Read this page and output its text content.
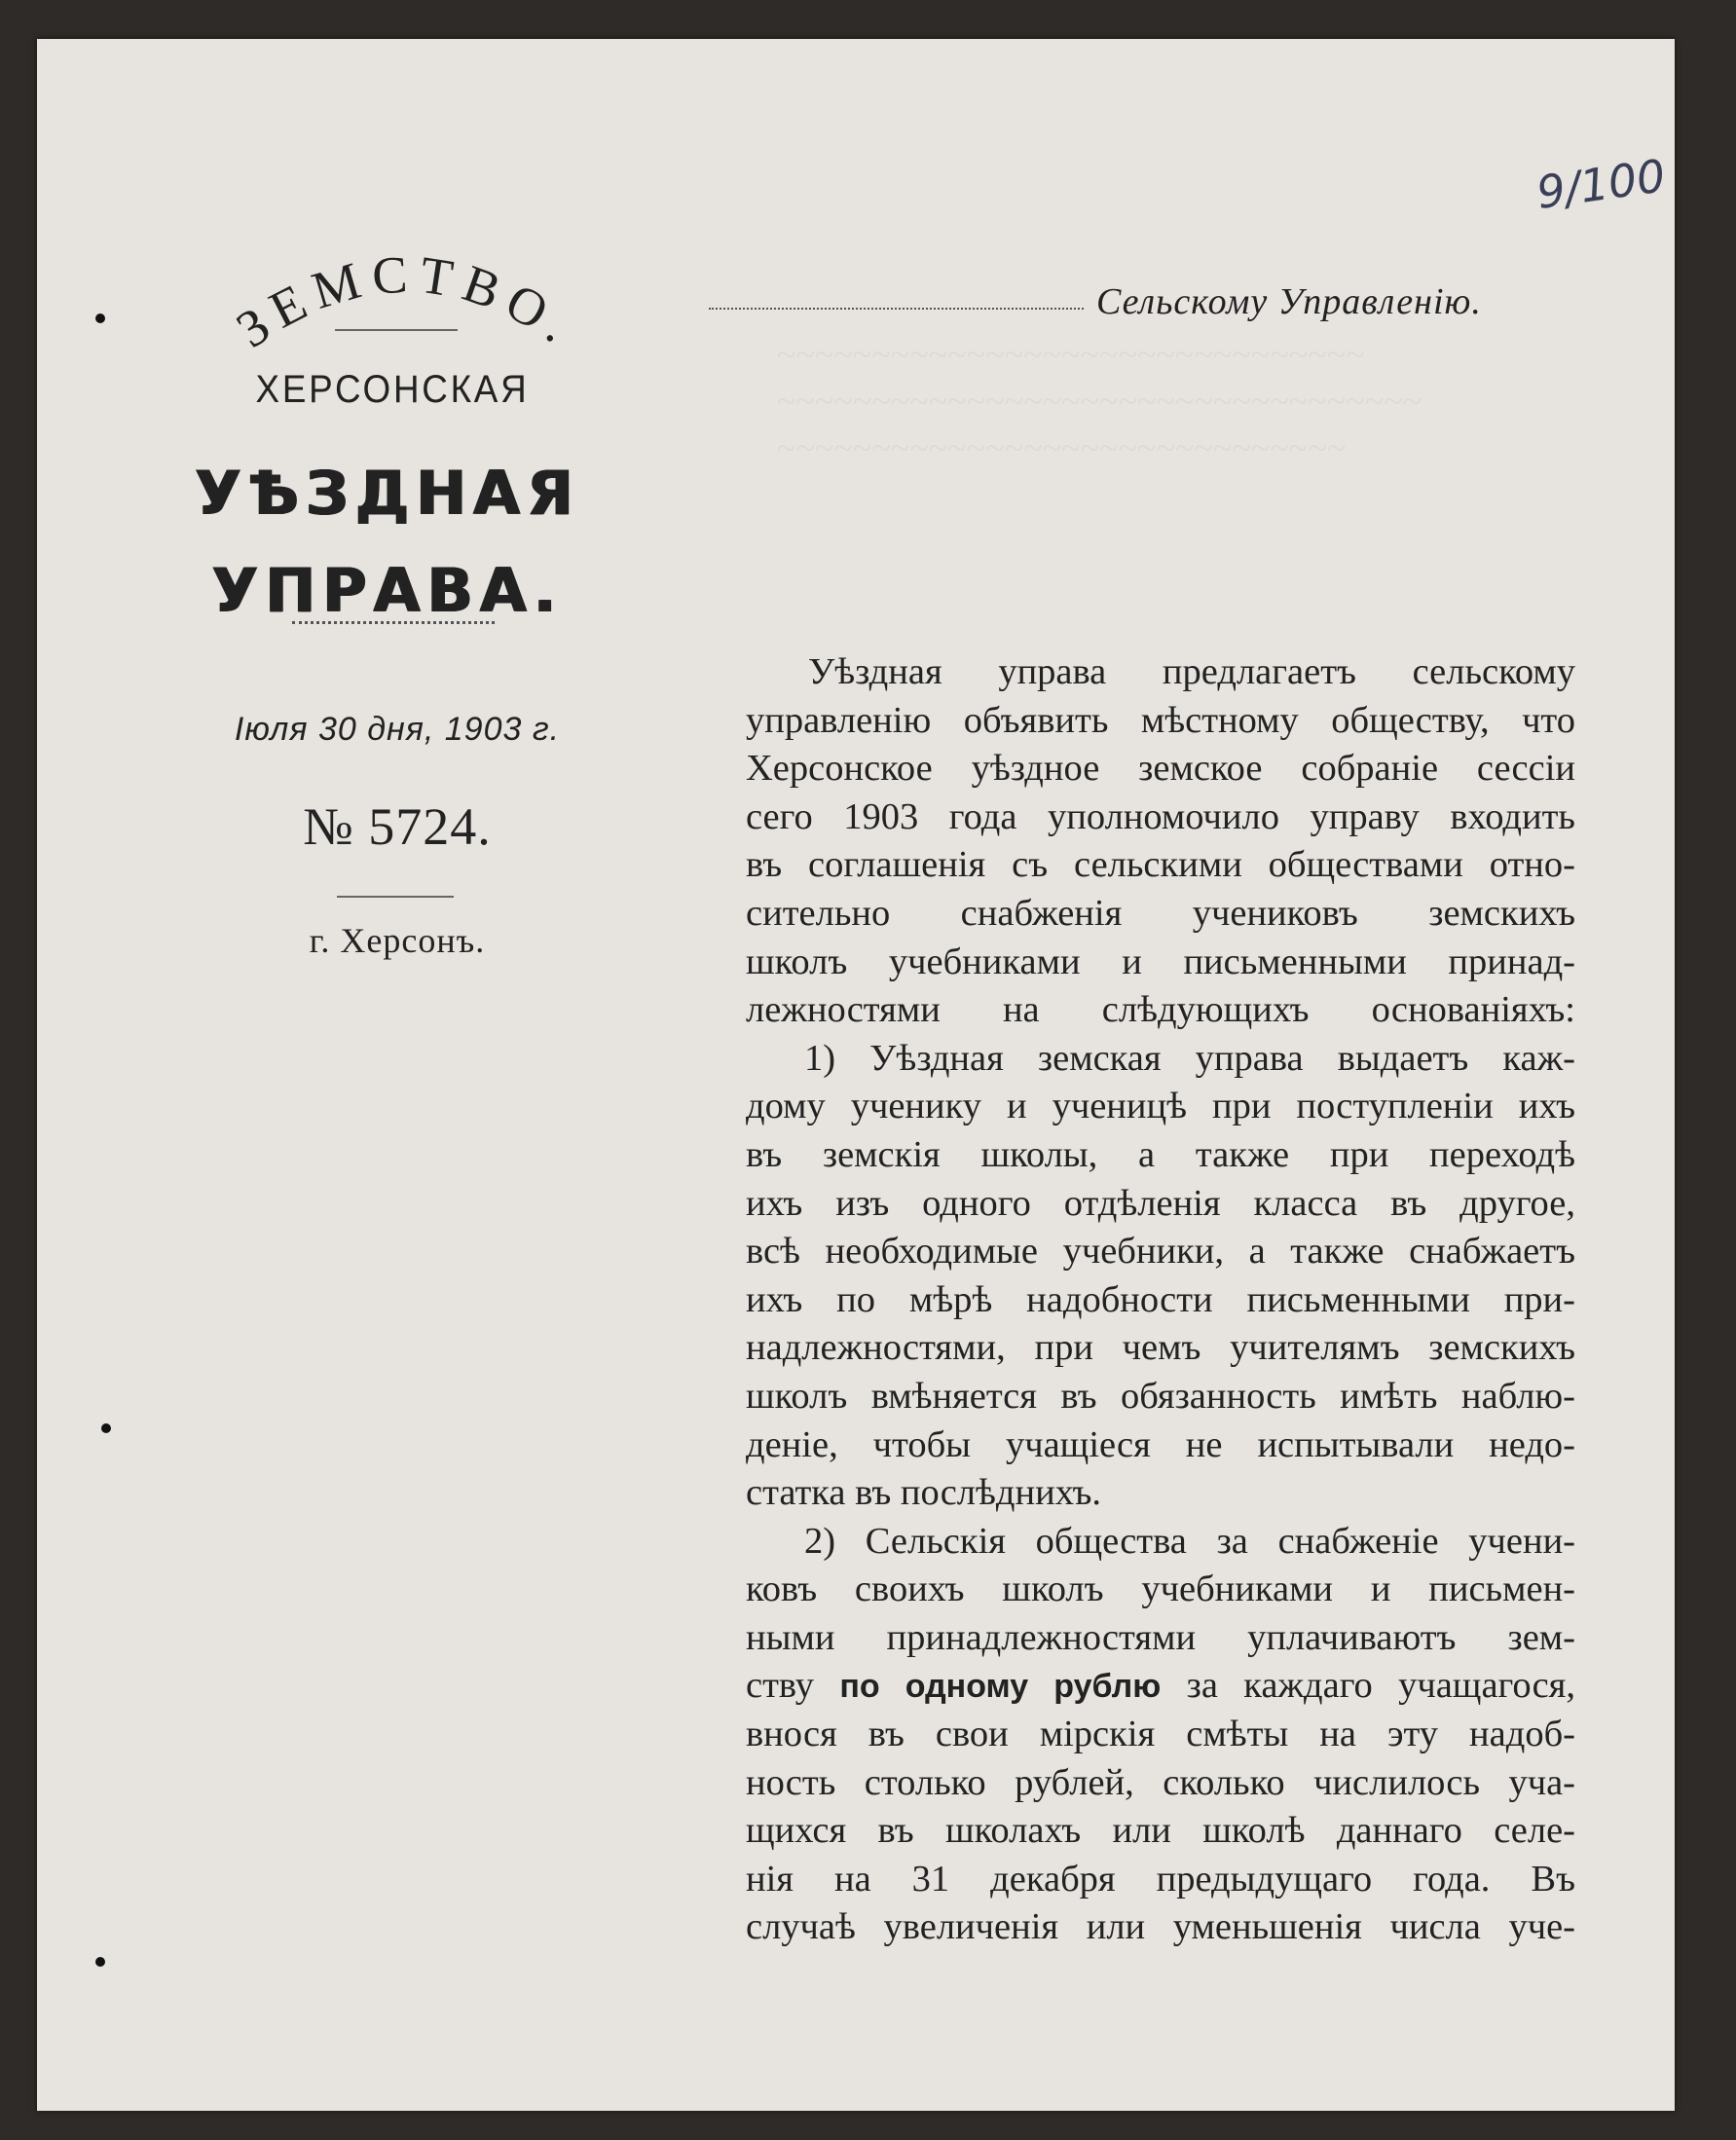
ЗЕМСТВО.
ХЕРСОНСКАЯ
УѢЗДНАЯ
УПРАВА.
Іюля 30 дня, 1903 г.
№ 5724.
г. Херсонъ.
Сельскому Управленію.
9/100
Уѣздная управа предлагаетъ сельскому
управленію объявить мѣстному обществу, что
Херсонское уѣздное земское собраніе сессіи
сего 1903 года уполномочило управу входить
въ соглашенія съ сельскими обществами отно-
сительно снабженія учениковъ земскихъ
школъ учебниками и письменными принад-
лежностями на слѣдующихъ основаніяхъ:
1) Уѣздная земская управа выдаетъ каж-
дому ученику и ученицѣ при поступленіи ихъ
въ земскія школы, а также при переходѣ
ихъ изъ одного отдѣленія класса въ другое,
всѣ необходимые учебники, а также снабжаетъ
ихъ по мѣрѣ надобности письменными при-
надлежностями, при чемъ учителямъ земскихъ
школъ вмѣняется въ обязанность имѣть наблю-
деніе, чтобы учащіеся не испытывали недо-
статка въ послѣднихъ.
2) Сельскія общества за снабженіе учени-
ковъ своихъ школъ учебниками и письмен-
ными принадлежностями уплачиваютъ зем-
ству по одному рублю за каждаго учащагося,
внося въ свои мірскія смѣты на эту надоб-
ность столько рублей, сколько числилось уча-
щихся въ школахъ или школѣ даннаго селе-
нія на 31 декабря предыдущаго года. Въ
случаѣ увеличенія или уменьшенія числа уче-
